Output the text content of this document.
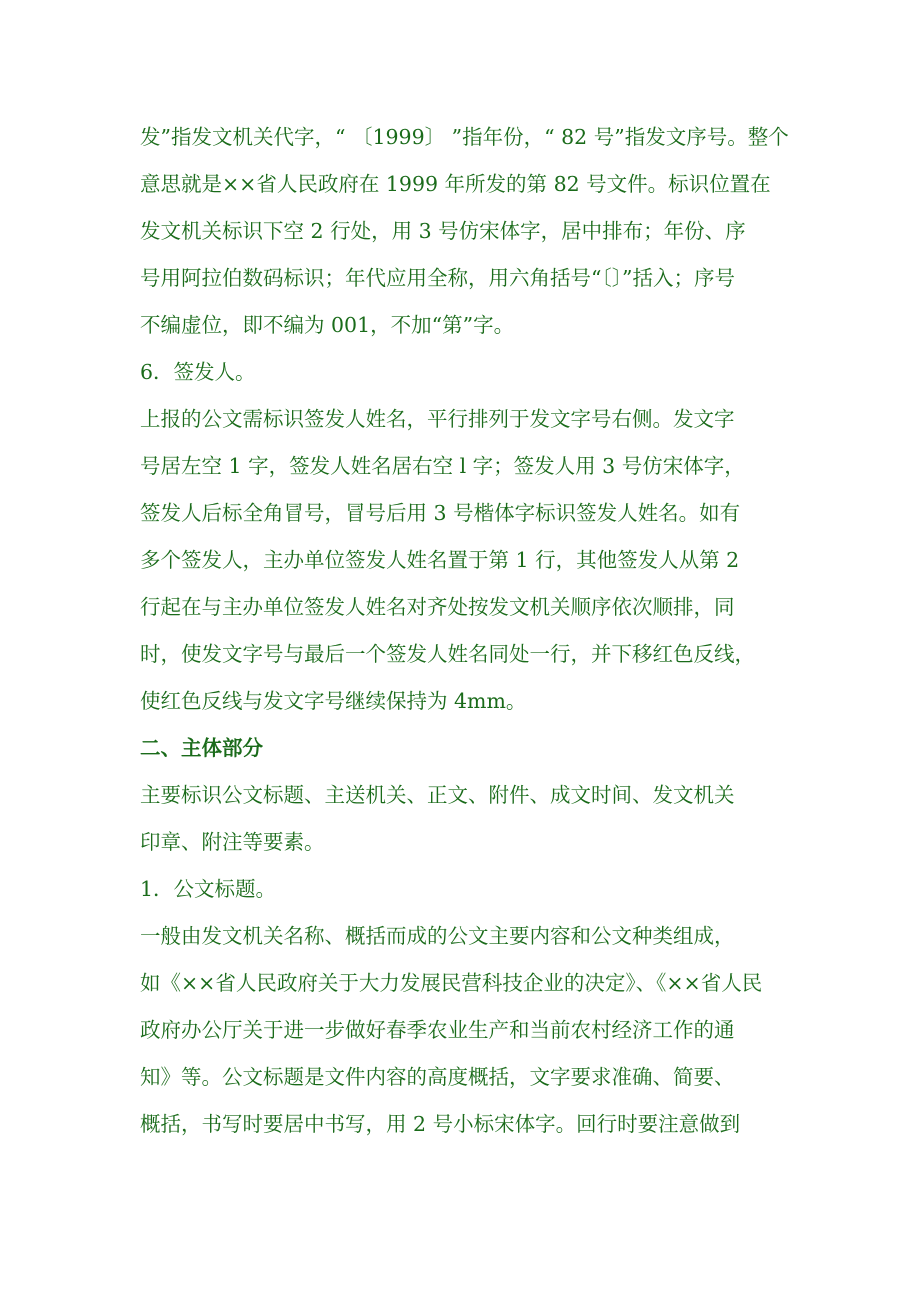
发”指发文机关代字，“ 〔1999〕 ”指年份，“ 82 号”指发文序号。整个
意思就是××省人民政府在 1999 年所发的第 82 号文件。标识位置在
发文机关标识下空 2 行处，用 3 号仿宋体字，居中排布；年份、序
号用阿拉伯数码标识；年代应用全称，用六角括号“〔〕”括入；序号
不编虚位，即不编为 001，不加“第”字。
6．签发人。
上报的公文需标识签发人姓名，平行排列于发文字号右侧。发文字
号居左空 1 字，签发人姓名居右空 l 字；签发人用 3 号仿宋体字，
签发人后标全角冒号，冒号后用 3 号楷体字标识签发人姓名。如有
多个签发人，主办单位签发人姓名置于第 1 行，其他签发人从第 2
行起在与主办单位签发人姓名对齐处按发文机关顺序依次顺排，同
时，使发文字号与最后一个签发人姓名同处一行，并下移红色反线，
使红色反线与发文字号继续保持为 4mm。
二、主体部分
主要标识公文标题、主送机关、正文、附件、成文时间、发文机关
印章、附注等要素。
1．公文标题。
一般由发文机关名称、概括而成的公文主要内容和公文种类组成，
如《××省人民政府关于大力发展民营科技企业的决定》、《××省人民
政府办公厅关于进一步做好春季农业生产和当前农村经济工作的通
知》等。公文标题是文件内容的高度概括，文字要求准确、简要、
概括，书写时要居中书写，用 2 号小标宋体字。回行时要注意做到
